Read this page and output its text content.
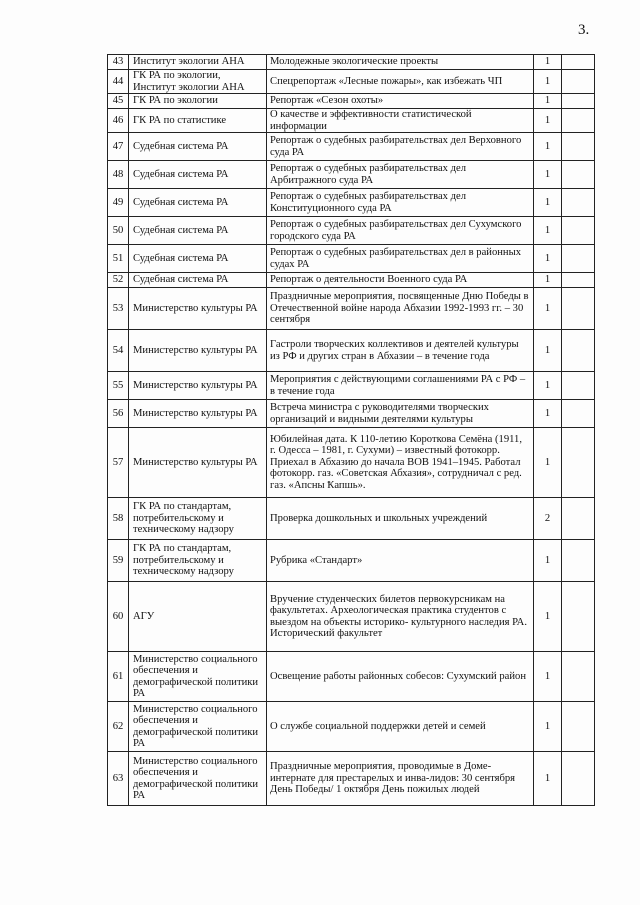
3.
43	Институт экологии АНА	Молодежные экологические проекты	1	
44	ГК РА по экологии, Институт экологии АНА	Спецрепортаж «Лесные пожары», как избежать ЧП	1	
45	ГК РА по экологии	Репортаж «Сезон охоты»	1	
46	ГК РА по статистике	О качестве и эффективности статистической информации	1	
47	Судебная система РА	Репортаж о судебных разбирательствах дел Верховного суда РА	1	
48	Судебная система РА	Репортаж о судебных разбирательствах дел Арбитражного суда РА	1	
49	Судебная система РА	Репортаж о судебных разбирательствах дел Конституционного суда РА	1	
50	Судебная система РА	Репортаж о судебных разбирательствах дел Сухумского городского суда РА	1	
51	Судебная система РА	Репортаж о судебных разбирательствах дел в районных судах РА	1	
52	Судебная система РА	Репортаж о деятельности Военного суда РА	1	
53	Министерство культуры РА	Праздничные мероприятия, посвященные Дню Победы в Отечественной войне народа Абхазии 1992-1993 гг. – 30 сентября	1	
54	Министерство культуры РА	Гастроли творческих коллективов и деятелей культуры из РФ и других стран в Абхазии – в течение года	1	
55	Министерство культуры РА	Мероприятия с действующими соглашениями РА с РФ – в течение года	1	
56	Министерство культуры РА	Встреча министра с руководителями творческих организаций и видными деятелями культуры	1	
57	Министерство культуры РА	Юбилейная дата. К 110-летию Короткова Семёна (1911, г. Одесса – 1981, г. Сухуми) – известный фотокорр. Приехал в Абхазию до начала ВОВ 1941–1945. Работал фотокорр. газ. «Советская Абхазия», сотрудничал с ред. газ. «Апсны Ҟапшь».	1	
58	ГК РА по стандартам, потребительскому и техническому надзору	Проверка дошкольных и школьных учреждений	2	
59	ГК РА по стандартам, потребительскому и техническому надзору	Рубрика «Стандарт»	1	
60	АГУ	Вручение студенческих билетов первокурсникам на факультетах. Археологическая практика студентов с выездом на объекты историко- культурного наследия РА. Исторический факультет	1	
61	Министерство социального обеспечения и демографической политики РА	Освещение работы районных собесов: Сухумский район	1	
62	Министерство социального обеспечения и демографической политики РА	О службе социальной поддержки детей и семей	1	
63	Министерство социального обеспечения и демографической политики РА	Праздничные мероприятия, проводимые в Доме-интернате для престарелых и инва-лидов: 30 сентября День Победы/ 1 октября День пожилых людей	1	
